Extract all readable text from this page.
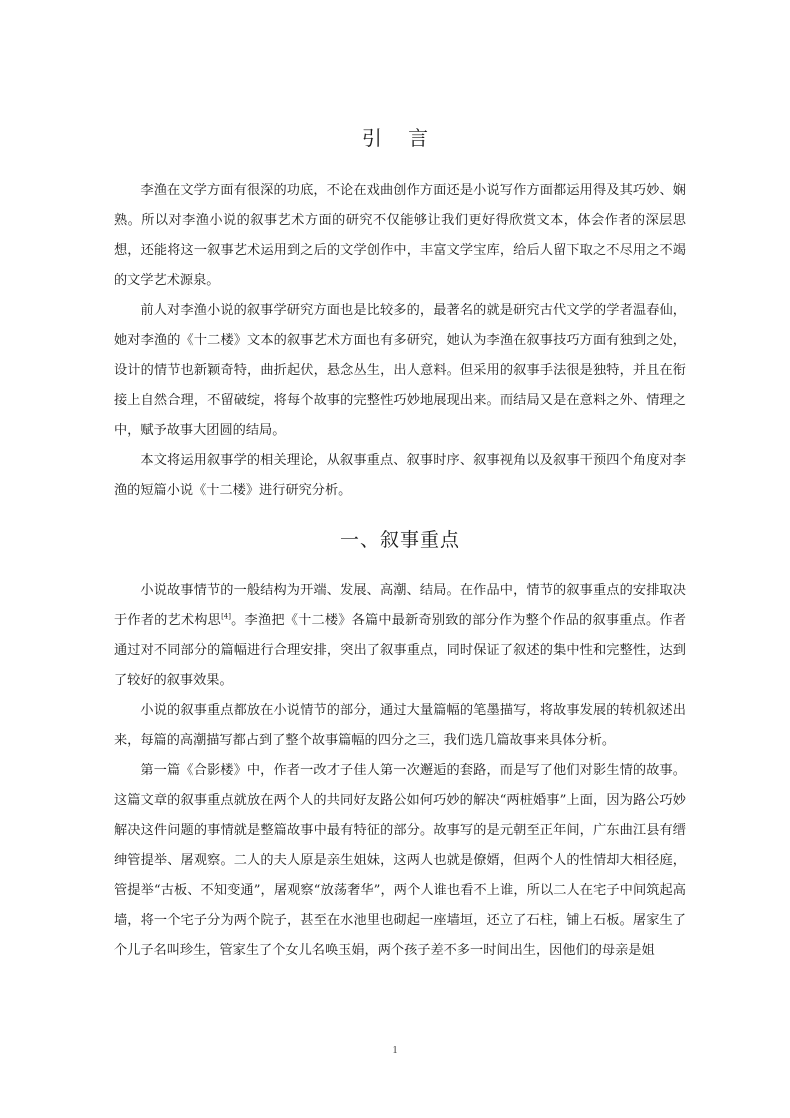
引 言

李渔在文学方面有很深的功底，不论在戏曲创作方面还是小说写作方面都运用得及其巧妙、娴熟。所以对李渔小说的叙事艺术方面的研究不仅能够让我们更好得欣赏文本，体会作者的深层思想，还能将这一叙事艺术运用到之后的文学创作中，丰富文学宝库，给后人留下取之不尽用之不竭的文学艺术源泉。

前人对李渔小说的叙事学研究方面也是比较多的，最著名的就是研究古代文学的学者温春仙，她对李渔的《十二楼》文本的叙事艺术方面也有多研究，她认为李渔在叙事技巧方面有独到之处，设计的情节也新颖奇特，曲折起伏，悬念丛生，出人意料。但采用的叙事手法很是独特，并且在衔接上自然合理，不留破绽，将每个故事的完整性巧妙地展现出来。而结局又是在意料之外、情理之中，赋予故事大团圆的结局。

本文将运用叙事学的相关理论，从叙事重点、叙事时序、叙事视角以及叙事干预四个角度对李渔的短篇小说《十二楼》进行研究分析。

一、叙事重点

小说故事情节的一般结构为开端、发展、高潮、结局。在作品中，情节的叙事重点的安排取决于作者的艺术构思[4]。李渔把《十二楼》各篇中最新奇别致的部分作为整个作品的叙事重点。作者通过对不同部分的篇幅进行合理安排，突出了叙事重点，同时保证了叙述的集中性和完整性，达到了较好的叙事效果。

小说的叙事重点都放在小说情节的部分，通过大量篇幅的笔墨描写，将故事发展的转机叙述出来，每篇的高潮描写都占到了整个故事篇幅的四分之三，我们选几篇故事来具体分析。

第一篇《合影楼》中，作者一改才子佳人第一次邂逅的套路，而是写了他们对影生情的故事。这篇文章的叙事重点就放在两个人的共同好友路公如何巧妙的解决“两桩婚事”上面，因为路公巧妙解决这件问题的事情就是整篇故事中最有特征的部分。故事写的是元朝至正年间，广东曲江县有缙绅管提举、屠观察。二人的夫人原是亲生姐妹，这两人也就是僚婿，但两个人的性情却大相径庭，管提举“古板、不知变通”，屠观察“放荡奢华”，两个人谁也看不上谁，所以二人在宅子中间筑起高墙，将一个宅子分为两个院子，甚至在水池里也砌起一座墙垣，还立了石柱，铺上石板。屠家生了个儿子名叫珍生，管家生了个女儿名唤玉娟，两个孩子差不多一时间出生，因他们的母亲是姐

1
